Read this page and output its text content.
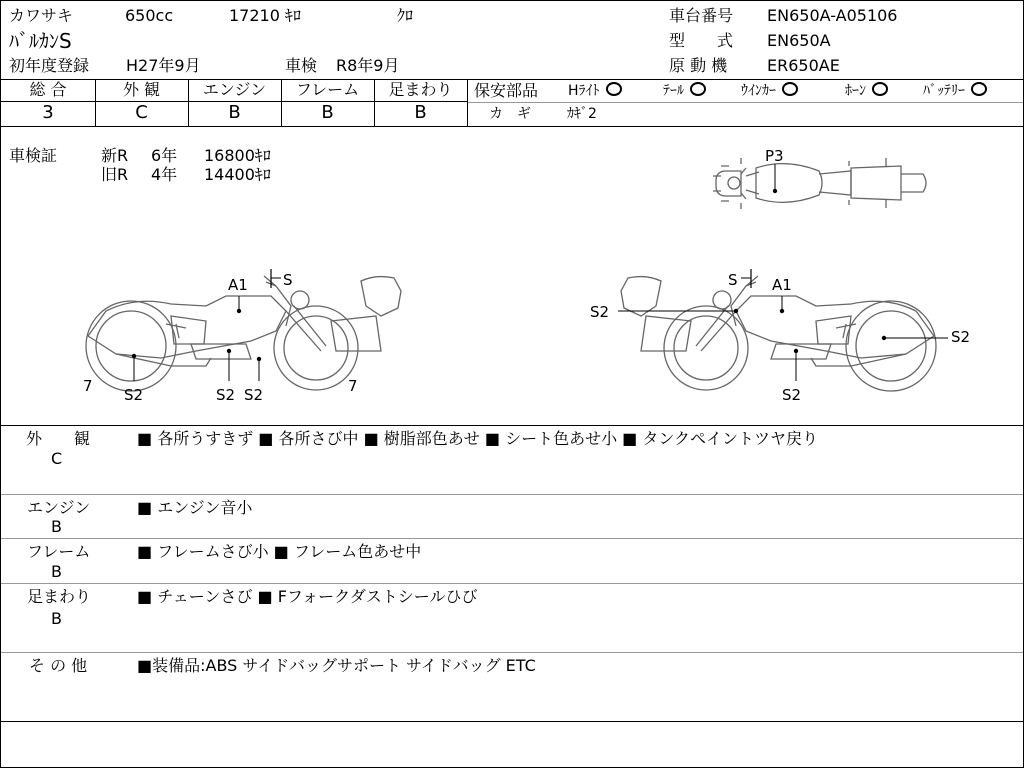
カワサキ	650cc	17210 ｷﾛ	ｸﾛ
ﾊﾞﾙｶﾝS
初年度登録 H27年9月	車検 R8年9月
車台番号 EN650A-A05106
型　　式 EN650A
原 動 機 ER650AE
総 合	外 観	エンジン	フレーム	足まわり
3	C	B	B	B
保安部品 Hﾗｲﾄ	ﾃｰﾙ	ｳｲﾝｶｰ	ﾎｰﾝ	ﾊﾞｯﾃﾘｰ
カ　ギ	ｶｷﾞ2
車検証	新R 6年 16800ｷﾛ
旧R 4年 14400ｷﾛ
P3
A1 S
S2	S2 S2
7	7
S A1
S2
S2
S2
外　　観
C
■ 各所うすきず ■ 各所さび中 ■ 樹脂部色あせ ■ シート色あせ小 ■ タンクペイントツヤ戻り
エンジン
B
■ エンジン音小
フレーム
B
■ フレームさび小 ■ フレーム色あせ中
足まわり
B
■ チェーンさび ■ Fフォークダストシールひび
そ の 他	■装備品:ABS サイドバッグサポート サイドバッグ ETC
